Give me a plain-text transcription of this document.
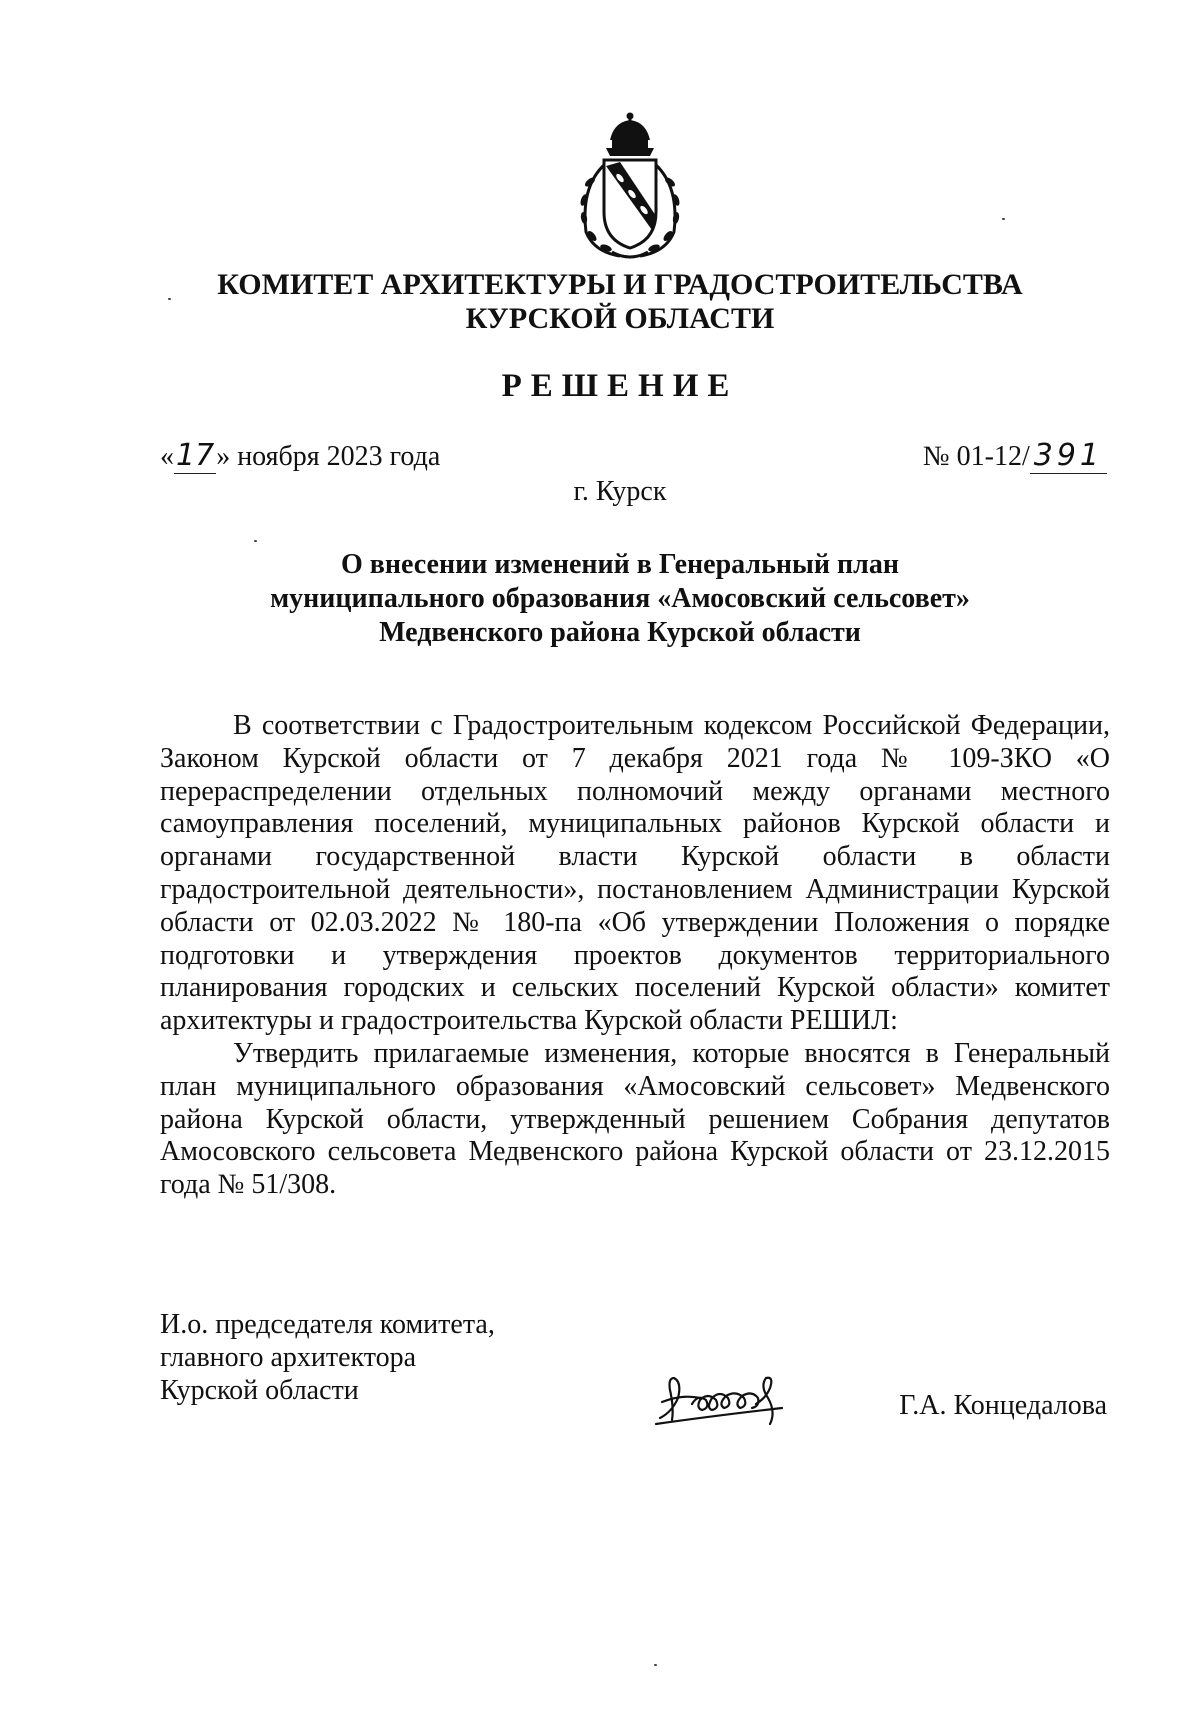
КОМИТЕТ АРХИТЕКТУРЫ И ГРАДОСТРОИТЕЛЬСТВА
КУРСКОЙ ОБЛАСТИ
РЕШЕНИЕ
«17» ноября 2023 года	№ 01-12/ 391
г. Курск
О внесении изменений в Генеральный план
муниципального образования «Амосовский сельсовет»
Медвенского района Курской области

В соответствии с Градостроительным кодексом Российской Федерации, Законом Курской области от 7 декабря 2021 года № 109-ЗКО «О перераспределении отдельных полномочий между органами местного самоуправления поселений, муниципальных районов Курской области и органами государственной власти Курской области в области градостроительной деятельности», постановлением Администрации Курской области от 02.03.2022 № 180-па «Об утверждении Положения о порядке подготовки и утверждения проектов документов территориального планирования городских и сельских поселений Курской области» комитет архитектуры и градостроительства Курской области РЕШИЛ:

Утвердить прилагаемые изменения, которые вносятся в Генеральный план муниципального образования «Амосовский сельсовет» Медвенского района Курской области, утвержденный решением Собрания депутатов Амосовского сельсовета Медвенского района Курской области от 23.12.2015 года № 51/308.

И.о. председателя комитета,
главного архитектора
Курской области	Г.А. Концедалова
